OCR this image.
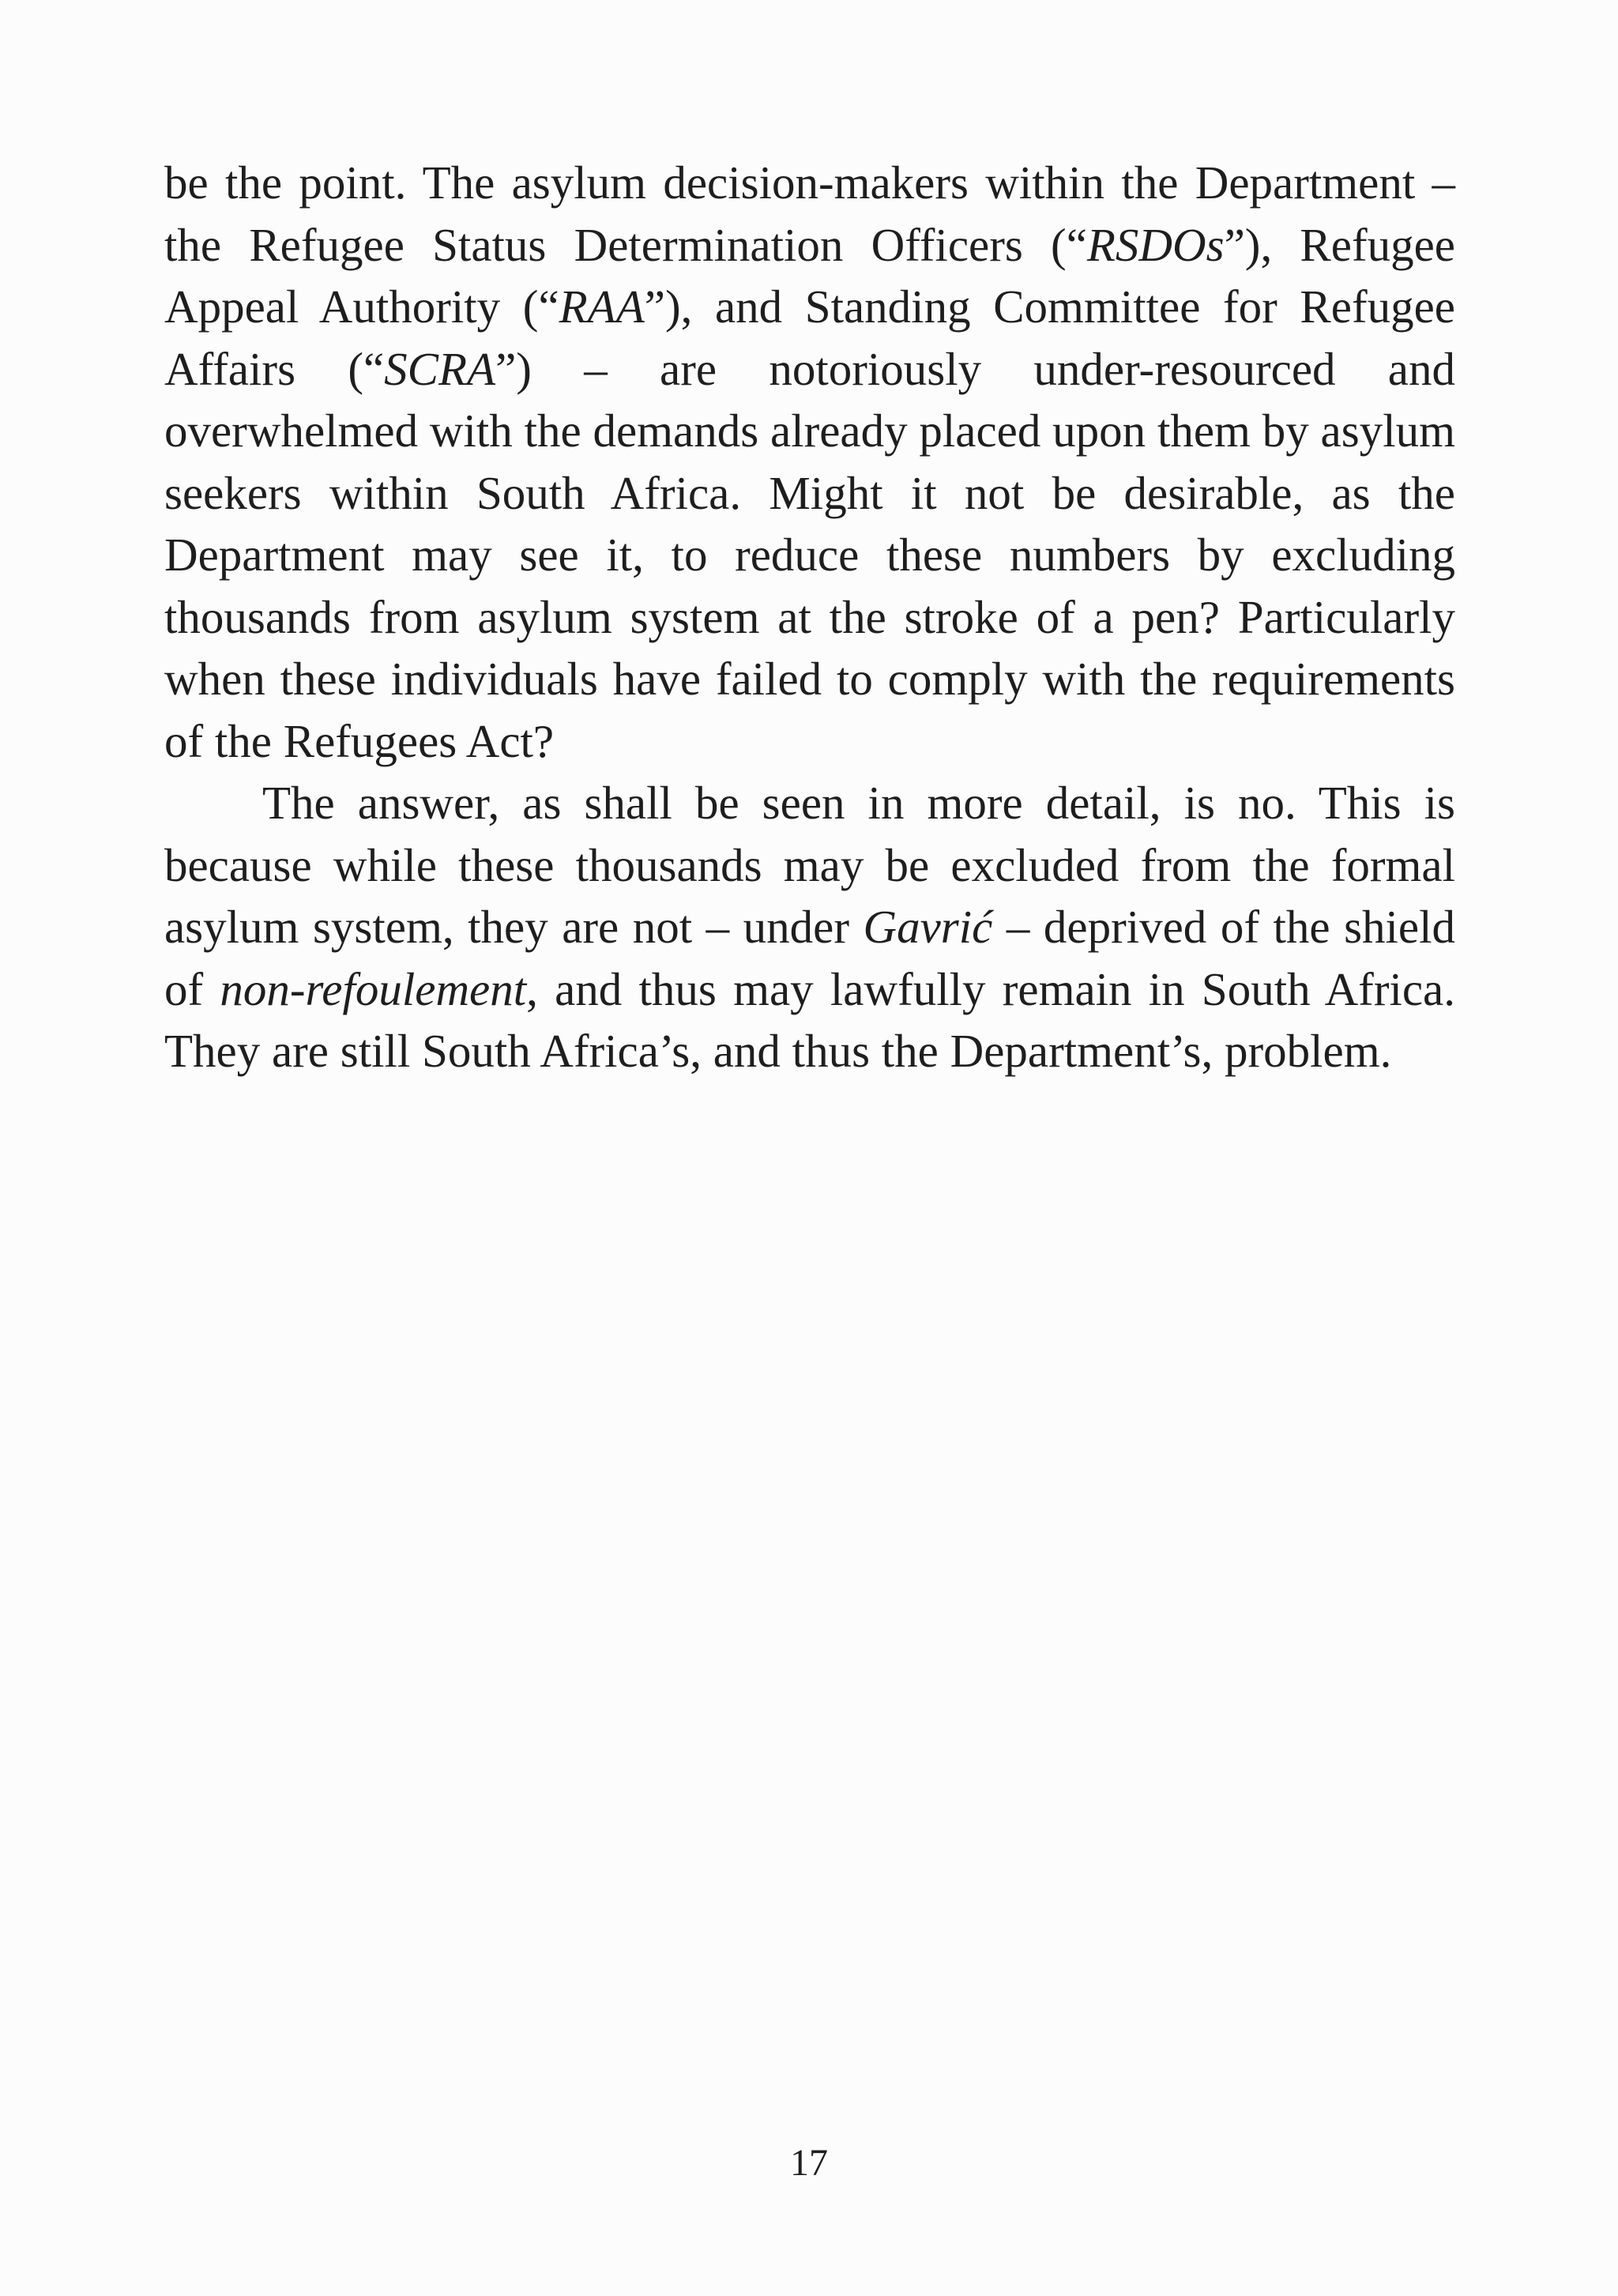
be the point. The asylum decision-makers within the Department – the Refugee Status Determination Officers (“RSDOs”), Refugee Appeal Authority (“RAA”), and Standing Committee for Refugee Affairs (“SCRA”) – are notoriously under-resourced and overwhelmed with the demands already placed upon them by asylum seekers within South Africa. Might it not be desirable, as the Department may see it, to reduce these numbers by excluding thousands from asylum system at the stroke of a pen? Particularly when these individuals have failed to comply with the requirements of the Refugees Act?

The answer, as shall be seen in more detail, is no. This is because while these thousands may be excluded from the formal asylum system, they are not – under Gavrić – deprived of the shield of non-refoulement, and thus may lawfully remain in South Africa. They are still South Africa’s, and thus the Department’s, problem.

17
